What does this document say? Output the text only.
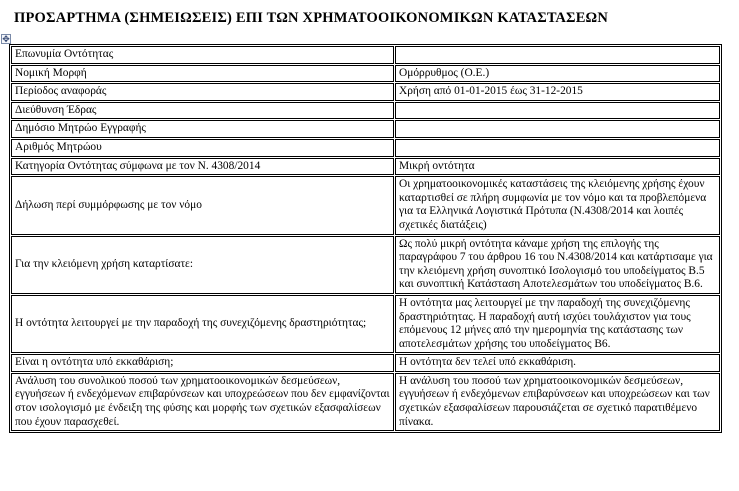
ΠΡΟΣΑΡΤΗΜΑ (ΣΗΜΕΙΩΣΕΙΣ) ΕΠΙ ΤΩΝ ΧΡΗΜΑΤΟΟΙΚΟΝΟΜΙΚΩΝ ΚΑΤΑΣΤΑΣΕΩΝ
✥
Επωνυμία Οντότητας	
Νομική Μορφή	Ομόρρυθμος (Ο.Ε.)
Περίοδος αναφοράς	Χρήση από 01-01-2015 έως 31-12-2015
Διεύθυνση Έδρας	
Δημόσιο Μητρώο Εγγραφής	
Αριθμός Μητρώου	
Κατηγορία Οντότητας σύμφωνα με τον Ν. 4308/2014	Μικρή οντότητα
Δήλωση περί συμμόρφωσης με τον νόμο	Οι χρηματοοικονομικές καταστάσεις της κλειόμενης χρήσης έχουν καταρτισθεί σε πλήρη συμφωνία με τον νόμο και τα προβλεπόμενα για τα Ελληνικά Λογιστικά Πρότυπα (Ν.4308/2014 και λοιπές σχετικές διατάξεις)
Για την κλειόμενη χρήση καταρτίσατε:	Ως πολύ μικρή οντότητα κάναμε χρήση της επιλογής της παραγράφου 7 του άρθρου 16 του Ν.4308/2014 και κατάρτισαμε για την κλειόμενη χρήση συνοπτικό Ισολογισμό του υποδείγματος Β.5 και συνοπτική Κατάσταση Αποτελεσμάτων του υποδείγματος Β.6.
Η οντότητα λειτουργεί με την παραδοχή της συνεχιζόμενης δραστηριότητας;	Η οντότητα μας λειτουργεί με την παραδοχή της συνεχιζόμενης δραστηριότητας. Η παραδοχή αυτή ισχύει τουλάχιστον για τους επόμενους 12 μήνες από την ημερομηνία της κατάστασης των αποτελεσμάτων χρήσης του υποδείγματος Β6.
Είναι η οντότητα υπό εκκαθάριση;	Η οντότητα δεν τελεί υπό εκκαθάριση.
Ανάλυση του συνολικού ποσού των χρηματοοικονομικών δεσμεύσεων, εγγυήσεων ή ενδεχόμενων επιβαρύνσεων και υποχρεώσεων που δεν εμφανίζονται στον ισολογισμό με ένδειξη της φύσης και μορφής των σχετικών εξασφαλίσεων που έχουν παρασχεθεί.	Η ανάλυση του ποσού των χρηματοοικονομικών δεσμεύσεων, εγγυήσεων ή ενδεχόμενων επιβαρύνσεων και υποχρεώσεων και των σχετικών εξασφαλίσεων παρουσιάζεται σε σχετικό παρατιθέμενο πίνακα.
